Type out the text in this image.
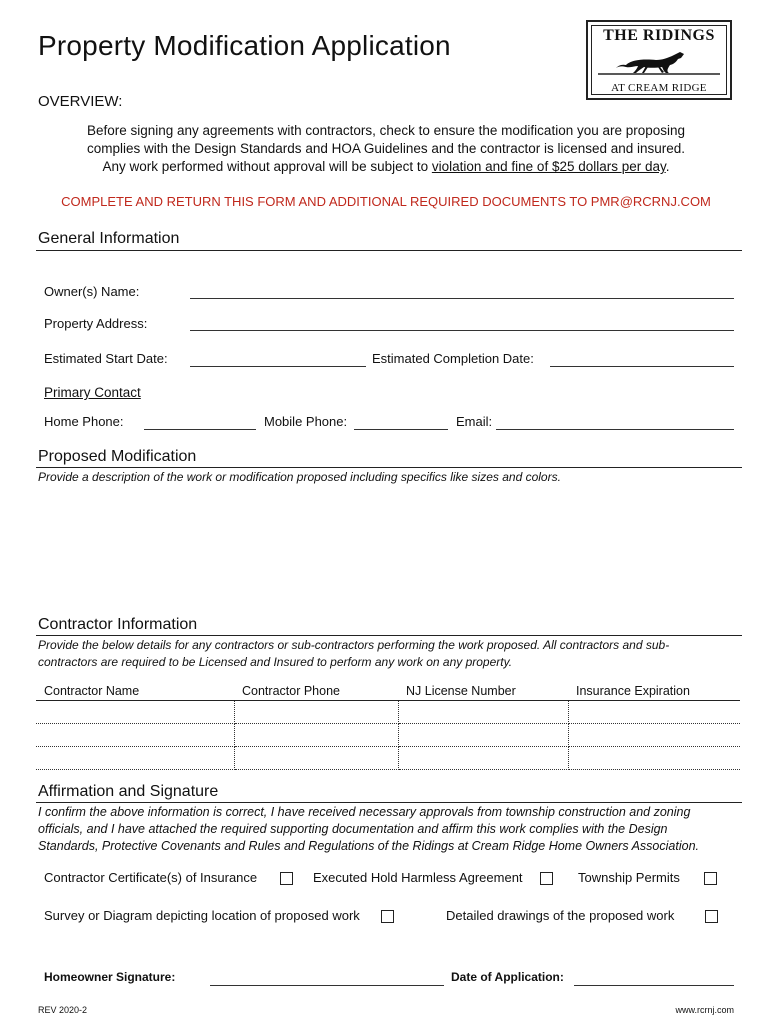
Property Modification Application	THE RIDINGS
AT CREAM RIDGE
OVERVIEW:
Before signing any agreements with contractors, check to ensure the modification you are proposing
complies with the Design Standards and HOA Guidelines and the contractor is licensed and insured.
Any work performed without approval will be subject to violation and fine of $25 dollars per day.
COMPLETE AND RETURN THIS FORM AND ADDITIONAL REQUIRED DOCUMENTS TO PMR@RCRNJ.COM
General Information
Owner(s) Name:
Property Address:
Estimated Start Date:	Estimated Completion Date:
Primary Contact
Home Phone:	Mobile Phone:	Email:
Proposed Modification
Provide a description of the work or modification proposed including specifics like sizes and colors.
Contractor Information
Provide the below details for any contractors or sub-contractors performing the work proposed. All contractors and sub-
contractors are required to be Licensed and Insured to perform any work on any property.
Contractor Name	Contractor Phone	NJ License Number	Insurance Expiration

Affirmation and Signature
I confirm the above information is correct, I have received necessary approvals from township construction and zoning
officials, and I have attached the required supporting documentation and affirm this work complies with the Design
Standards, Protective Covenants and Rules and Regulations of the Ridings at Cream Ridge Home Owners Association.
Contractor Certificate(s) of Insurance	Executed Hold Harmless Agreement	Township Permits
Survey or Diagram depicting location of proposed work	Detailed drawings of the proposed work
Homeowner Signature:	Date of Application:
REV 2020-2	www.rcrnj.com
